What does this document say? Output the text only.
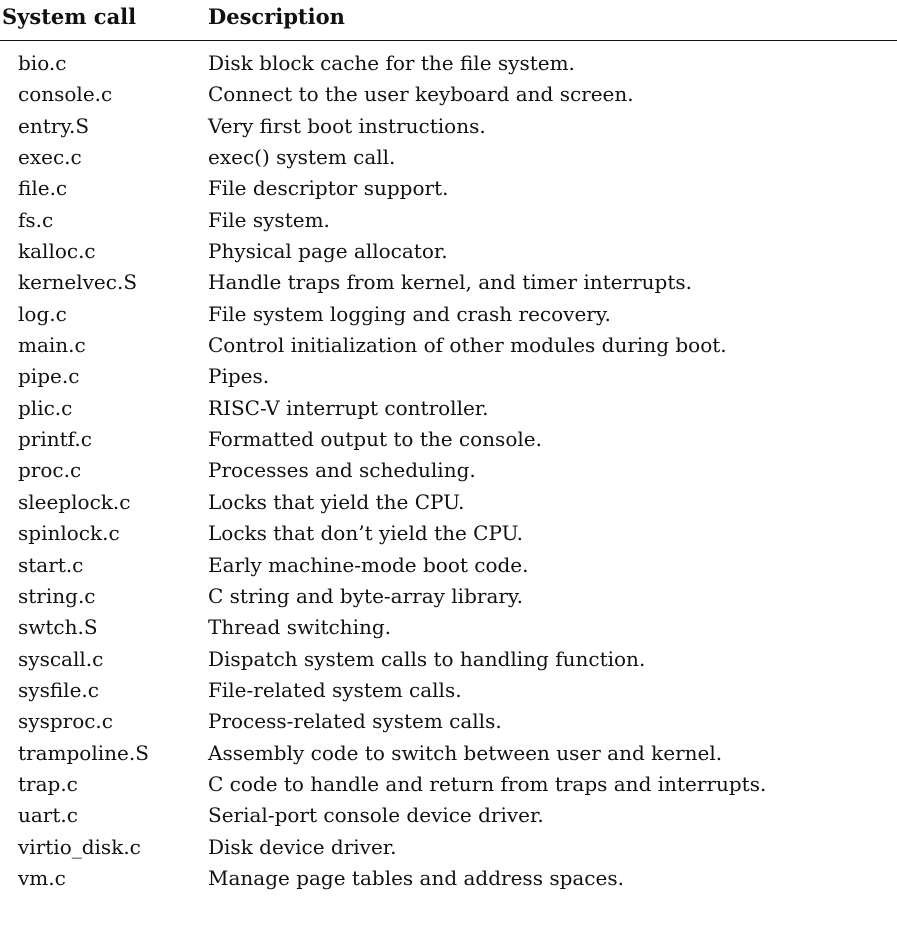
System call	Description
bio.c	Disk block cache for the file system.
console.c	Connect to the user keyboard and screen.
entry.S	Very first boot instructions.
exec.c	exec() system call.
file.c	File descriptor support.
fs.c	File system.
kalloc.c	Physical page allocator.
kernelvec.S	Handle traps from kernel, and timer interrupts.
log.c	File system logging and crash recovery.
main.c	Control initialization of other modules during boot.
pipe.c	Pipes.
plic.c	RISC-V interrupt controller.
printf.c	Formatted output to the console.
proc.c	Processes and scheduling.
sleeplock.c	Locks that yield the CPU.
spinlock.c	Locks that don’t yield the CPU.
start.c	Early machine-mode boot code.
string.c	C string and byte-array library.
swtch.S	Thread switching.
syscall.c	Dispatch system calls to handling function.
sysfile.c	File-related system calls.
sysproc.c	Process-related system calls.
trampoline.S	Assembly code to switch between user and kernel.
trap.c	C code to handle and return from traps and interrupts.
uart.c	Serial-port console device driver.
virtio_disk.c	Disk device driver.
vm.c	Manage page tables and address spaces.
